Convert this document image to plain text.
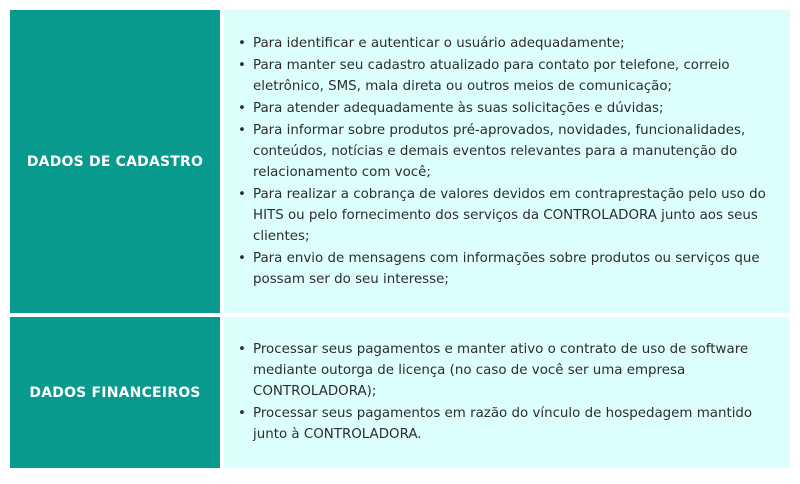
DADOS DE CADASTRO
• Para identificar e autenticar o usuário adequadamente;
• Para manter seu cadastro atualizado para contato por telefone, correio eletrônico, SMS, mala direta ou outros meios de comunicação;
• Para atender adequadamente às suas solicitações e dúvidas;
• Para informar sobre produtos pré-aprovados, novidades, funcionalidades, conteúdos, notícias e demais eventos relevantes para a manutenção do relacionamento com você;
• Para realizar a cobrança de valores devidos em contraprestação pelo uso do HITS ou pelo fornecimento dos serviços da CONTROLADORA junto aos seus clientes;
• Para envio de mensagens com informações sobre produtos ou serviços que possam ser do seu interesse;
DADOS FINANCEIROS
• Processar seus pagamentos e manter ativo o contrato de uso de software mediante outorga de licença (no caso de você ser uma empresa CONTROLADORA);
• Processar seus pagamentos em razão do vínculo de hospedagem mantido junto à CONTROLADORA.
